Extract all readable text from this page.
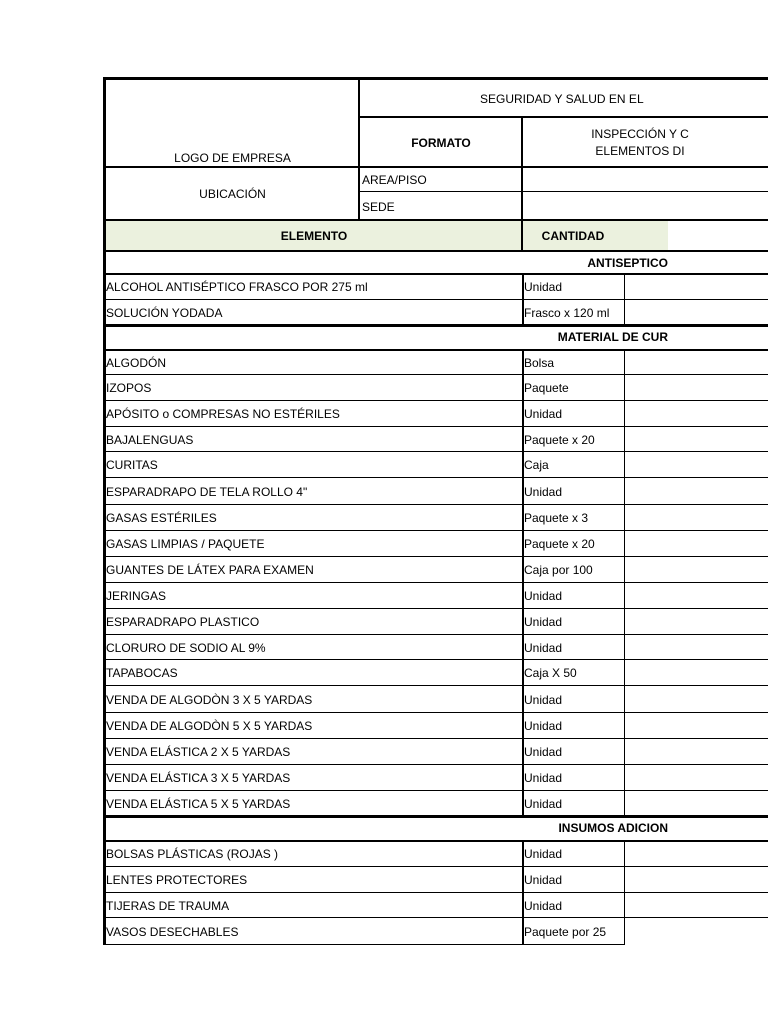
SEGURIDAD Y SALUD EN EL
LOGO DE EMPRESA
FORMATO
INSPECCIÓN Y C
ELEMENTOS DI
UBICACIÓN
AREA/PISO
SEDE
ELEMENTO	CANTIDAD
ANTISEPTICO
ALCOHOL ANTISÉPTICO FRASCO POR 275 ml	Unidad
SOLUCIÓN YODADA	Frasco x 120 ml
MATERIAL DE CUR
ALGODÓN	Bolsa
IZOPOS	Paquete
APÓSITO o COMPRESAS NO ESTÉRILES	Unidad
BAJALENGUAS	Paquete x 20
CURITAS	Caja
ESPARADRAPO DE TELA ROLLO 4"	Unidad
GASAS ESTÉRILES	Paquete x 3
GASAS LIMPIAS / PAQUETE	Paquete x 20
GUANTES DE LÁTEX PARA EXAMEN	Caja por 100
JERINGAS	Unidad
ESPARADRAPO PLASTICO	Unidad
CLORURO DE SODIO AL 9%	Unidad
TAPABOCAS	Caja X 50
VENDA DE ALGODÒN 3 X 5 YARDAS	Unidad
VENDA DE ALGODÒN 5 X 5 YARDAS	Unidad
VENDA ELÁSTICA 2 X 5 YARDAS	Unidad
VENDA ELÁSTICA 3 X 5 YARDAS	Unidad
VENDA ELÁSTICA 5 X 5 YARDAS	Unidad
INSUMOS ADICION
BOLSAS PLÁSTICAS (ROJAS )	Unidad
LENTES PROTECTORES	Unidad
TIJERAS DE TRAUMA	Unidad
VASOS DESECHABLES	Paquete por 25
